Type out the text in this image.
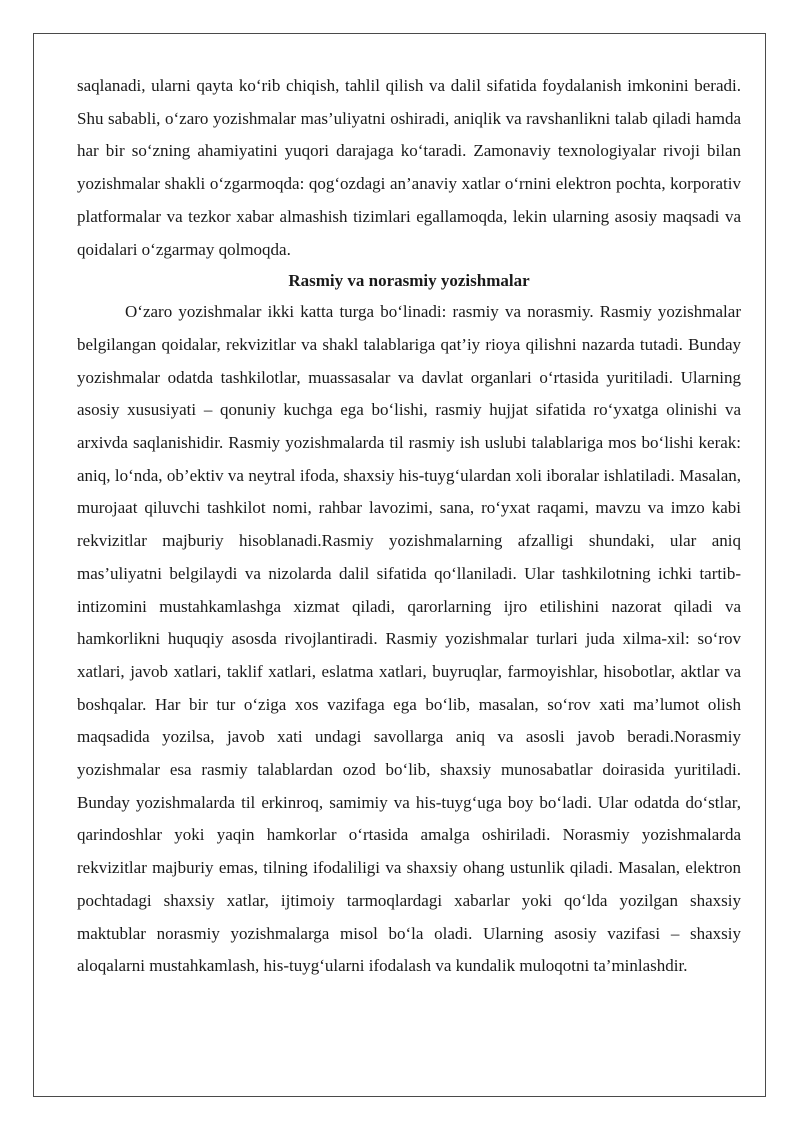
saqlanadi, ularni qayta ko‘rib chiqish, tahlil qilish va dalil sifatida foydalanish imkonini beradi. Shu sababli, o‘zaro yozishmalar mas’uliyatni oshiradi, aniqlik va ravshanlikni talab qiladi hamda har bir so‘zning ahamiyatini yuqori darajaga ko‘taradi. Zamonaviy texnologiyalar rivoji bilan yozishmalar shakli o‘zgarmoqda: qog‘ozdagi an’anaviy xatlar o‘rnini elektron pochta, korporativ platformalar va tezkor xabar almashish tizimlari egallamoqda, lekin ularning asosiy maqsadi va qoidalari o‘zgarmay qolmoqda.

Rasmiy va norasmiy yozishmalar

O‘zaro yozishmalar ikki katta turga bo‘linadi: rasmiy va norasmiy. Rasmiy yozishmalar belgilangan qoidalar, rekvizitlar va shakl talablariga qat’iy rioya qilishni nazarda tutadi. Bunday yozishmalar odatda tashkilotlar, muassasalar va davlat organlari o‘rtasida yuritiladi. Ularning asosiy xususiyati – qonuniy kuchga ega bo‘lishi, rasmiy hujjat sifatida ro‘yxatga olinishi va arxivda saqlanishidir. Rasmiy yozishmalarda til rasmiy ish uslubi talablariga mos bo‘lishi kerak: aniq, lo‘nda, ob’ektiv va neytral ifoda, shaxsiy his-tuyg‘ulardan xoli iboralar ishlatiladi. Masalan, murojaat qiluvchi tashkilot nomi, rahbar lavozimi, sana, ro‘yxat raqami, mavzu va imzo kabi rekvizitlar majburiy hisoblanadi.Rasmiy yozishmalarning afzalligi shundaki, ular aniq mas’uliyatni belgilaydi va nizolarda dalil sifatida qo‘llaniladi. Ular tashkilotning ichki tartib-intizomini mustahkamlashga xizmat qiladi, qarorlarning ijro etilishini nazorat qiladi va hamkorlikni huquqiy asosda rivojlantiradi. Rasmiy yozishmalar turlari juda xilma-xil: so‘rov xatlari, javob xatlari, taklif xatlari, eslatma xatlari, buyruqlar, farmoyishlar, hisobotlar, aktlar va boshqalar. Har bir tur o‘ziga xos vazifaga ega bo‘lib, masalan, so‘rov xati ma’lumot olish maqsadida yozilsa, javob xati undagi savollarga aniq va asosli javob beradi.Norasmiy yozishmalar esa rasmiy talablardan ozod bo‘lib, shaxsiy munosabatlar doirasida yuritiladi. Bunday yozishmalarda til erkinroq, samimiy va his-tuyg‘uga boy bo‘ladi. Ular odatda do‘stlar, qarindoshlar yoki yaqin hamkorlar o‘rtasida amalga oshiriladi. Norasmiy yozishmalarda rekvizitlar majburiy emas, tilning ifodaliligi va shaxsiy ohang ustunlik qiladi. Masalan, elektron pochtadagi shaxsiy xatlar, ijtimoiy tarmoqlardagi xabarlar yoki qo‘lda yozilgan shaxsiy maktublar norasmiy yozishmalarga misol bo‘la oladi. Ularning asosiy vazifasi – shaxsiy aloqalarni mustahkamlash, his-tuyg‘ularni ifodalash va kundalik muloqotni ta’minlashdir.
